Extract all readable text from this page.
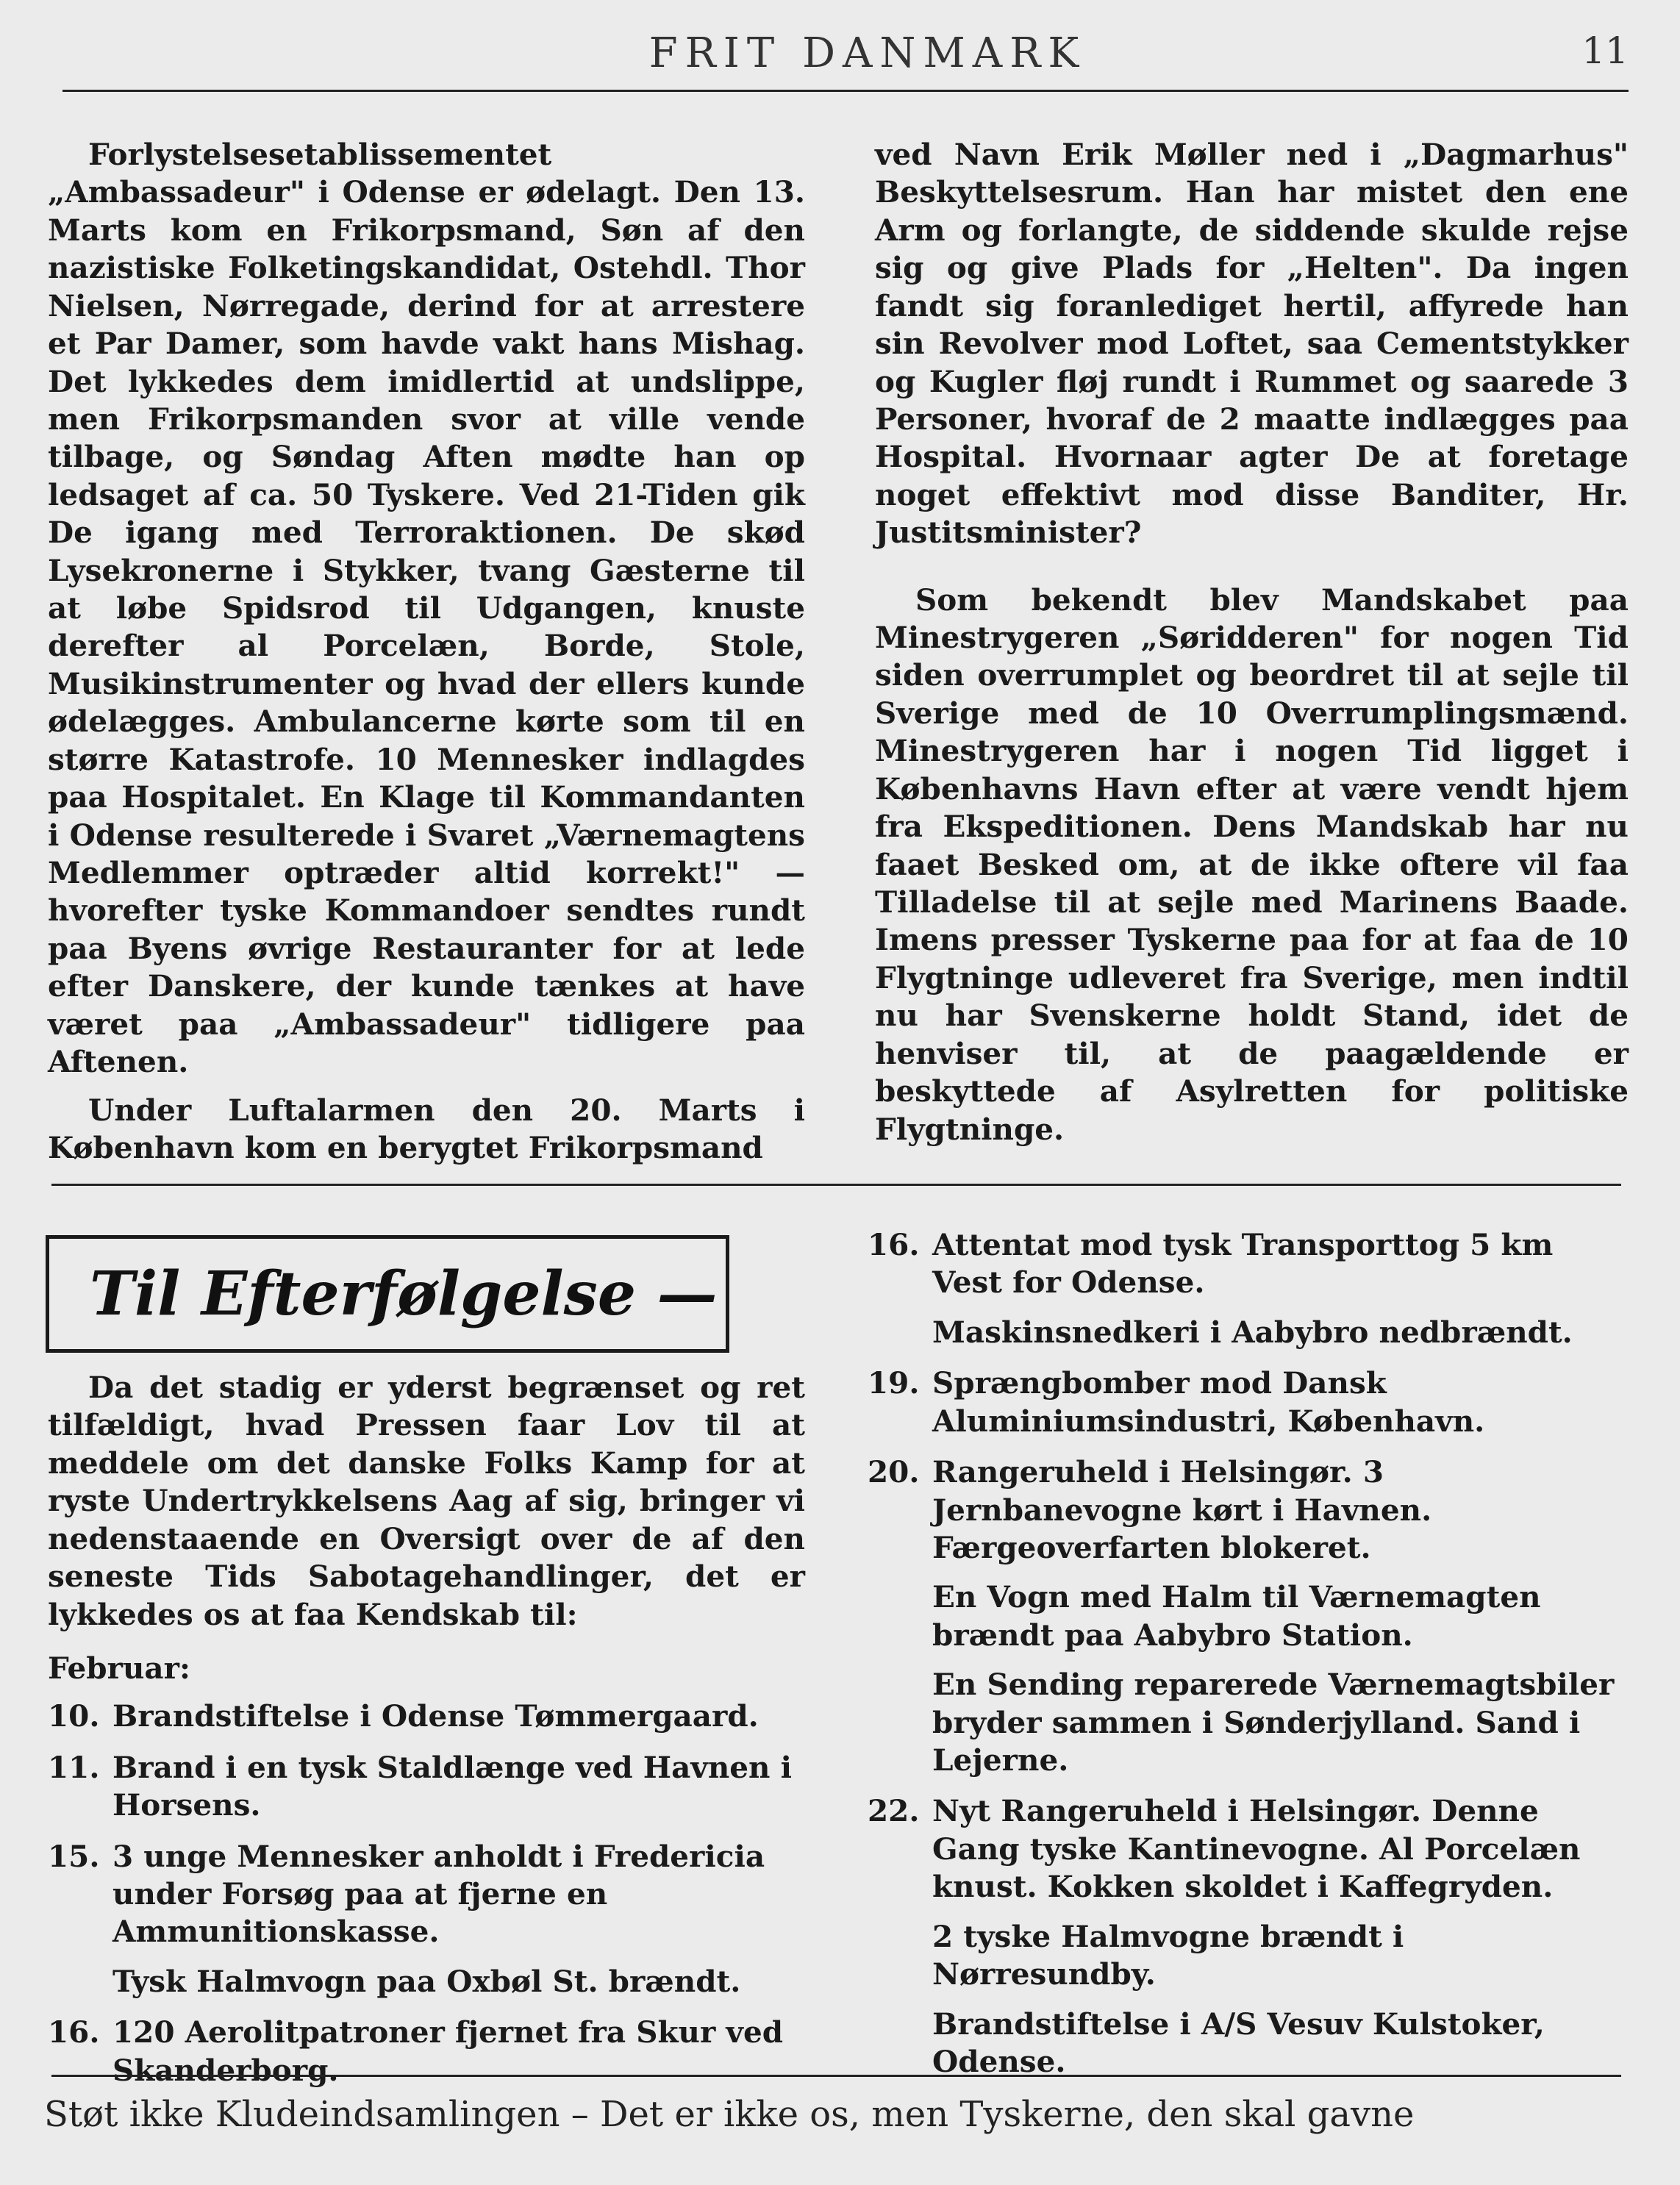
FRIT DANMARK	11

Forlystelsesetablissementet „Ambassadeur" i Odense er ødelagt. Den 13. Marts kom en Frikorpsmand, Søn af den nazistiske Folketingskandidat, Ostehdl. Thor Nielsen, Nørregade, derind for at arrestere et Par Damer, som havde vakt hans Mishag. Det lykkedes dem imidlertid at undslippe, men Frikorpsmanden svor at ville vende tilbage, og Søndag Aften mødte han op ledsaget af ca. 50 Tyskere. Ved 21-Tiden gik De igang med Terroraktionen. De skød Lysekronerne i Stykker, tvang Gæsterne til at løbe Spidsrod til Udgangen, knuste derefter al Porcelæn, Borde, Stole, Musikinstrumenter og hvad der ellers kunde ødelægges. Ambulancerne kørte som til en større Katastrofe. 10 Mennesker indlagdes paa Hospitalet. En Klage til Kommandanten i Odense resulterede i Svaret „Værnemagtens Medlemmer optræder altid korrekt!" — hvorefter tyske Kommandoer sendtes rundt paa Byens øvrige Restauranter for at lede efter Danskere, der kunde tænkes at have været paa „Ambassadeur" tidligere paa Aftenen.

Under Luftalarmen den 20. Marts i København kom en berygtet Frikorpsmand

ved Navn Erik Møller ned i „Dagmarhus" Beskyttelsesrum. Han har mistet den ene Arm og forlangte, de siddende skulde rejse sig og give Plads for „Helten". Da ingen fandt sig foranlediget hertil, affyrede han sin Revolver mod Loftet, saa Cementstykker og Kugler fløj rundt i Rummet og saarede 3 Personer, hvoraf de 2 maatte indlægges paa Hospital. Hvornaar agter De at foretage noget effektivt mod disse Banditer, Hr. Justitsminister?

Som bekendt blev Mandskabet paa Minestrygeren „Søridderen" for nogen Tid siden overrumplet og beordret til at sejle til Sverige med de 10 Overrumplingsmænd. Minestrygeren har i nogen Tid ligget i Københavns Havn efter at være vendt hjem fra Ekspeditionen. Dens Mandskab har nu faaet Besked om, at de ikke oftere vil faa Tilladelse til at sejle med Marinens Baade. Imens presser Tyskerne paa for at faa de 10 Flygtninge udleveret fra Sverige, men indtil nu har Svenskerne holdt Stand, idet de henviser til, at de paagældende er beskyttede af Asylretten for politiske Flygtninge.

Til Efterfølgelse —

Da det stadig er yderst begrænset og ret tilfældigt, hvad Pressen faar Lov til at meddele om det danske Folks Kamp for at ryste Undertrykkelsens Aag af sig, bringer vi nedenstaaende en Oversigt over de af den seneste Tids Sabotagehandlinger, det er lykkedes os at faa Kendskab til:

Februar:

10. Brandstiftelse i Odense Tømmergaard.
11. Brand i en tysk Staldlænge ved Havnen i Horsens.
15. 3 unge Mennesker anholdt i Fredericia under Forsøg paa at fjerne en Ammunitionskasse.
Tysk Halmvogn paa Oxbøl St. brændt.
16. 120 Aerolitpatroner fjernet fra Skur ved Skanderborg.
16. Attentat mod tysk Transporttog 5 km Vest for Odense.
Maskinsnedkeri i Aabybro nedbrændt.
19. Sprængbomber mod Dansk Aluminiumsindustri, København.
20. Rangeruheld i Helsingør. 3 Jernbanevogne kørt i Havnen. Færgeoverfarten blokeret.
En Vogn med Halm til Værnemagten brændt paa Aabybro Station.
En Sending reparerede Værnemagtsbiler bryder sammen i Sønderjylland. Sand i Lejerne.
22. Nyt Rangeruheld i Helsingør. Denne Gang tyske Kantinevogne. Al Porcelæn knust. Kokken skoldet i Kaffegryden.
2 tyske Halmvogne brændt i Nørresundby.
Brandstiftelse i A/S Vesuv Kulstoker, Odense.
Støt ikke Kludeindsamlingen – Det er ikke os, men Tyskerne, den skal gavne
